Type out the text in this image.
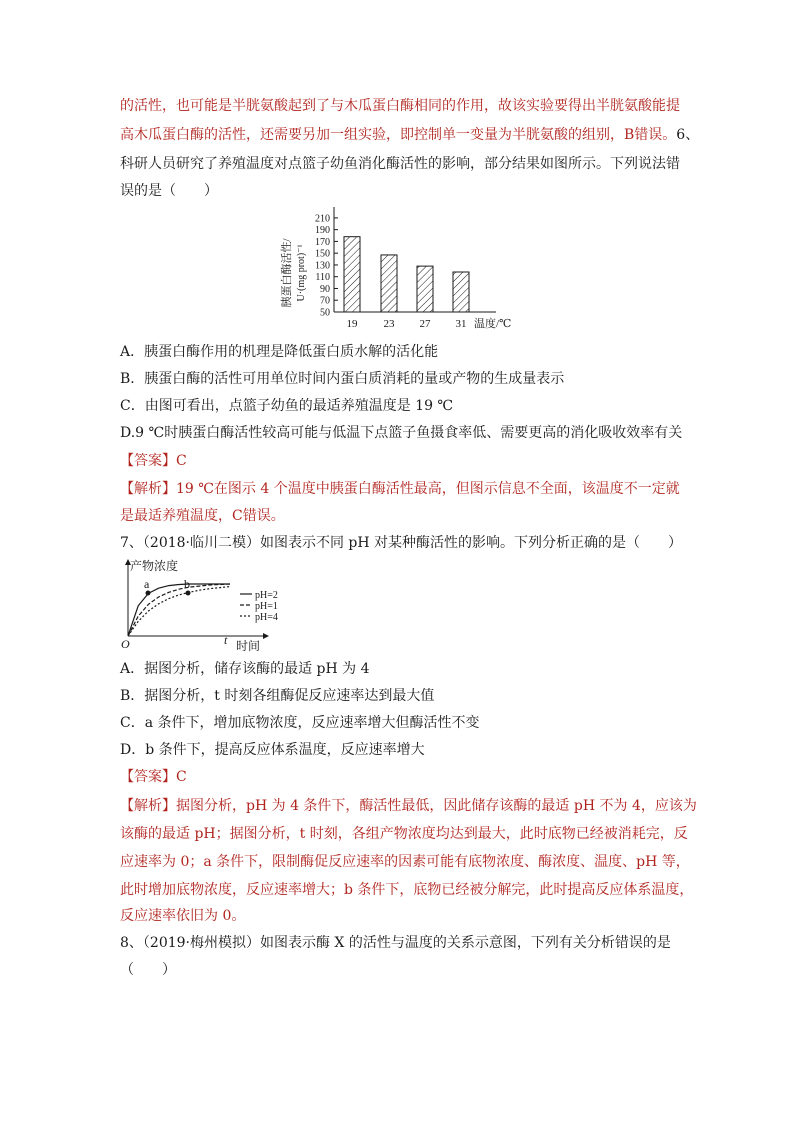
的活性，也可能是半胱氨酸起到了与木瓜蛋白酶相同的作用，故该实验要得出半胱氨酸能提
高木瓜蛋白酶的活性，还需要另加一组实验，即控制单一变量为半胱氨酸的组别，B错误。6、
科研人员研究了养殖温度对点篮子幼鱼消化酶活性的影响，部分结果如图所示。下列说法错
误的是（　　）
胰蛋白酶活性/ U·(mg prot)⁻¹
50
70
90
110
130
150
170
190
210
19 23 27 31 温度/℃
A．胰蛋白酶作用的机理是降低蛋白质水解的活化能
B．胰蛋白酶的活性可用单位时间内蛋白质消耗的量或产物的生成量表示
C．由图可看出，点篮子幼鱼的最适养殖温度是 19 ℃
D.9 ℃时胰蛋白酶活性较高可能与低温下点篮子鱼摄食率低、需要更高的消化吸收效率有关
【答案】C
【解析】19 ℃在图示 4 个温度中胰蛋白酶活性最高，但图示信息不全面，该温度不一定就
是最适养殖温度，C错误。
7、（2018·临川二模）如图表示不同 pH 对某种酶活性的影响。下列分析正确的是（　　）
产物浓度
O	t 时间
a	b
pH=2
pH=1
pH=4
A．据图分析，储存该酶的最适 pH 为 4
B．据图分析，t 时刻各组酶促反应速率达到最大值
C．a 条件下，增加底物浓度，反应速率增大但酶活性不变
D．b 条件下，提高反应体系温度，反应速率增大
【答案】C
【解析】据图分析，pH 为 4 条件下，酶活性最低，因此储存该酶的最适 pH 不为 4，应该为
该酶的最适 pH；据图分析，t 时刻，各组产物浓度均达到最大，此时底物已经被消耗完，反
应速率为 0；a 条件下，限制酶促反应速率的因素可能有底物浓度、酶浓度、温度、pH 等，
此时增加底物浓度，反应速率增大；b 条件下，底物已经被分解完，此时提高反应体系温度，
反应速率依旧为 0。
8、（2019·梅州模拟）如图表示酶 X 的活性与温度的关系示意图，下列有关分析错误的是
（　　）
